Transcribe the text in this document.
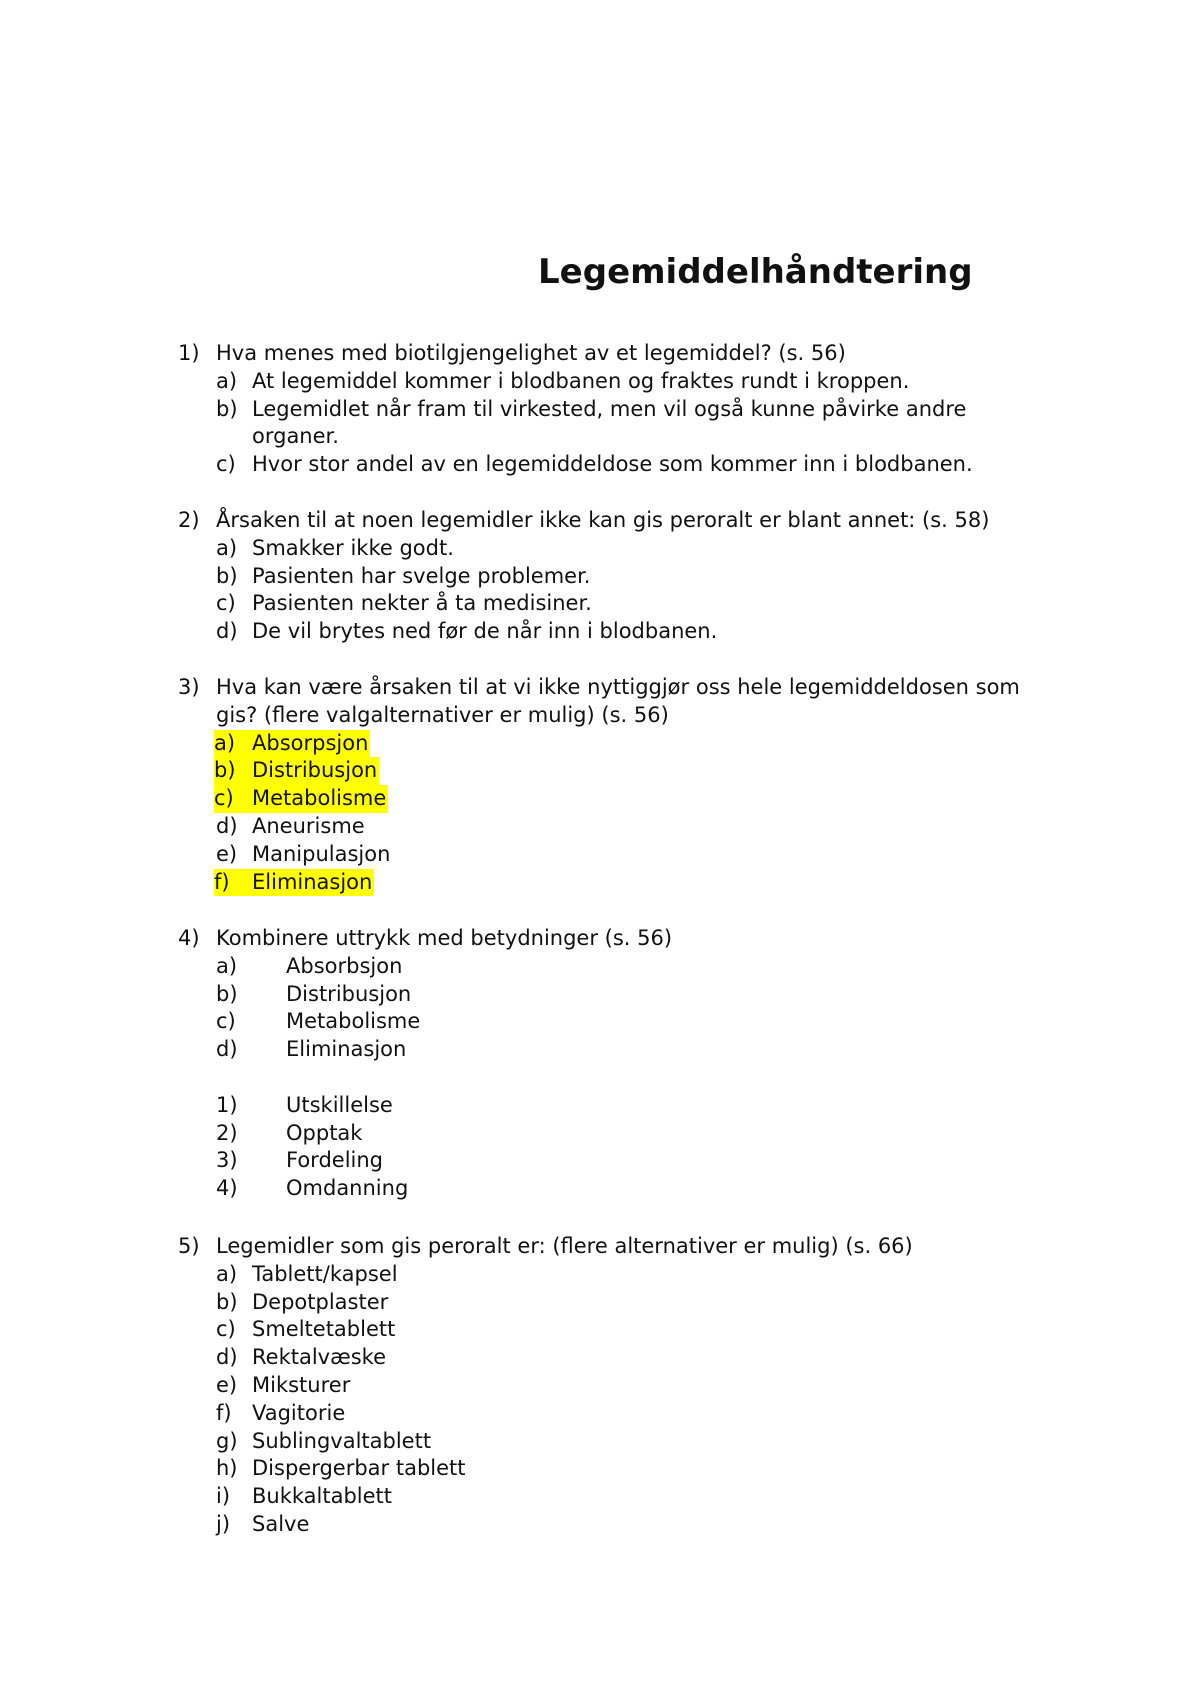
Legemiddelhåndtering
1) Hva menes med biotilgjengelighet av et legemiddel? (s. 56)
a) At legemiddel kommer i blodbanen og fraktes rundt i kroppen.
b) Legemidlet når fram til virkested, men vil også kunne påvirke andre organer.
c) Hvor stor andel av en legemiddeldose som kommer inn i blodbanen.
2) Årsaken til at noen legemidler ikke kan gis peroralt er blant annet: (s. 58)
a) Smakker ikke godt.
b) Pasienten har svelge problemer.
c) Pasienten nekter å ta medisiner.
d) De vil brytes ned før de når inn i blodbanen.
3) Hva kan være årsaken til at vi ikke nyttiggjør oss hele legemiddeldosen som gis? (flere valgalternativer er mulig) (s. 56)
a) Absorpsjon
b) Distribusjon
c) Metabolisme
d) Aneurisme
e) Manipulasjon
f) Eliminasjon
4) Kombinere uttrykk med betydninger (s. 56)
a) Absorbsjon
b) Distribusjon
c) Metabolisme
d) Eliminasjon
1) Utskillelse
2) Opptak
3) Fordeling
4) Omdanning
5) Legemidler som gis peroralt er: (flere alternativer er mulig) (s. 66)
a) Tablett/kapsel
b) Depotplaster
c) Smeltetablett
d) Rektalvæske
e) Miksturer
f) Vagitorie
g) Sublingvaltablett
h) Dispergerbar tablett
i) Bukkaltablett
j) Salve
